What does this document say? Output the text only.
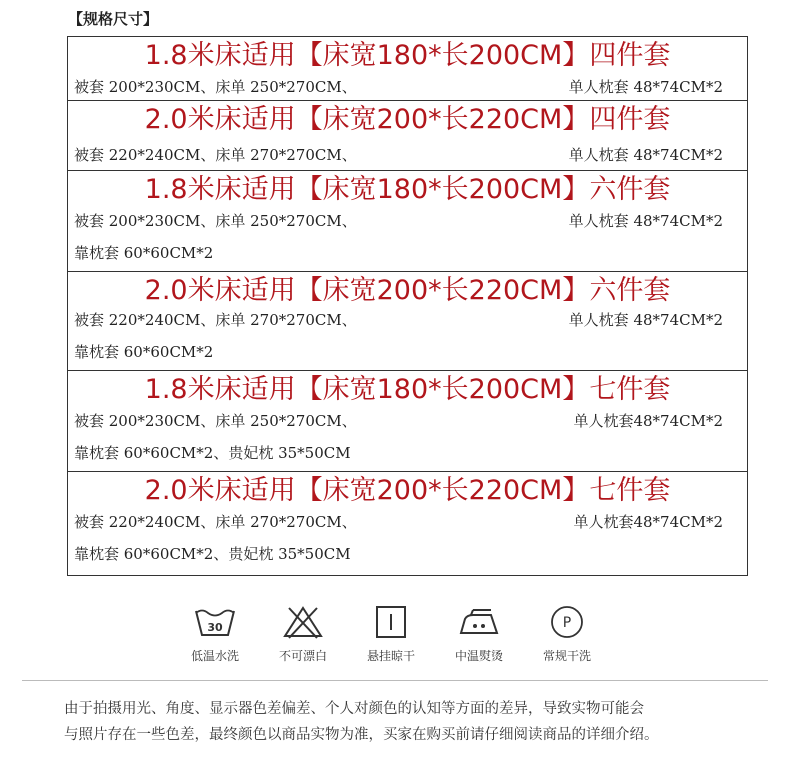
【规格尺寸】
1.8米床适用【床宽180*长200CM】四件套
被套 200*230CM、床单 250*270CM、	单人枕套 48*74CM*2
2.0米床适用【床宽200*长220CM】四件套
被套 220*240CM、床单 270*270CM、	单人枕套 48*74CM*2
1.8米床适用【床宽180*长200CM】六件套
被套 200*230CM、床单 250*270CM、	单人枕套 48*74CM*2
靠枕套 60*60CM*2
2.0米床适用【床宽200*长220CM】六件套
被套 220*240CM、床单 270*270CM、	单人枕套 48*74CM*2
靠枕套 60*60CM*2
1.8米床适用【床宽180*长200CM】七件套
被套 200*230CM、床单 250*270CM、	单人枕套48*74CM*2
靠枕套 60*60CM*2、贵妃枕 35*50CM
2.0米床适用【床宽200*长220CM】七件套
被套 220*240CM、床单 270*270CM、	单人枕套48*74CM*2
靠枕套 60*60CM*2、贵妃枕 35*50CM
30
低温水洗	不可漂白	悬挂晾干	中温熨烫
P
常规干洗
由于拍摄用光、角度、显示器色差偏差、个人对颜色的认知等方面的差异，导致实物可能会
与照片存在一些色差，最终颜色以商品实物为准，买家在购买前请仔细阅读商品的详细介绍。
